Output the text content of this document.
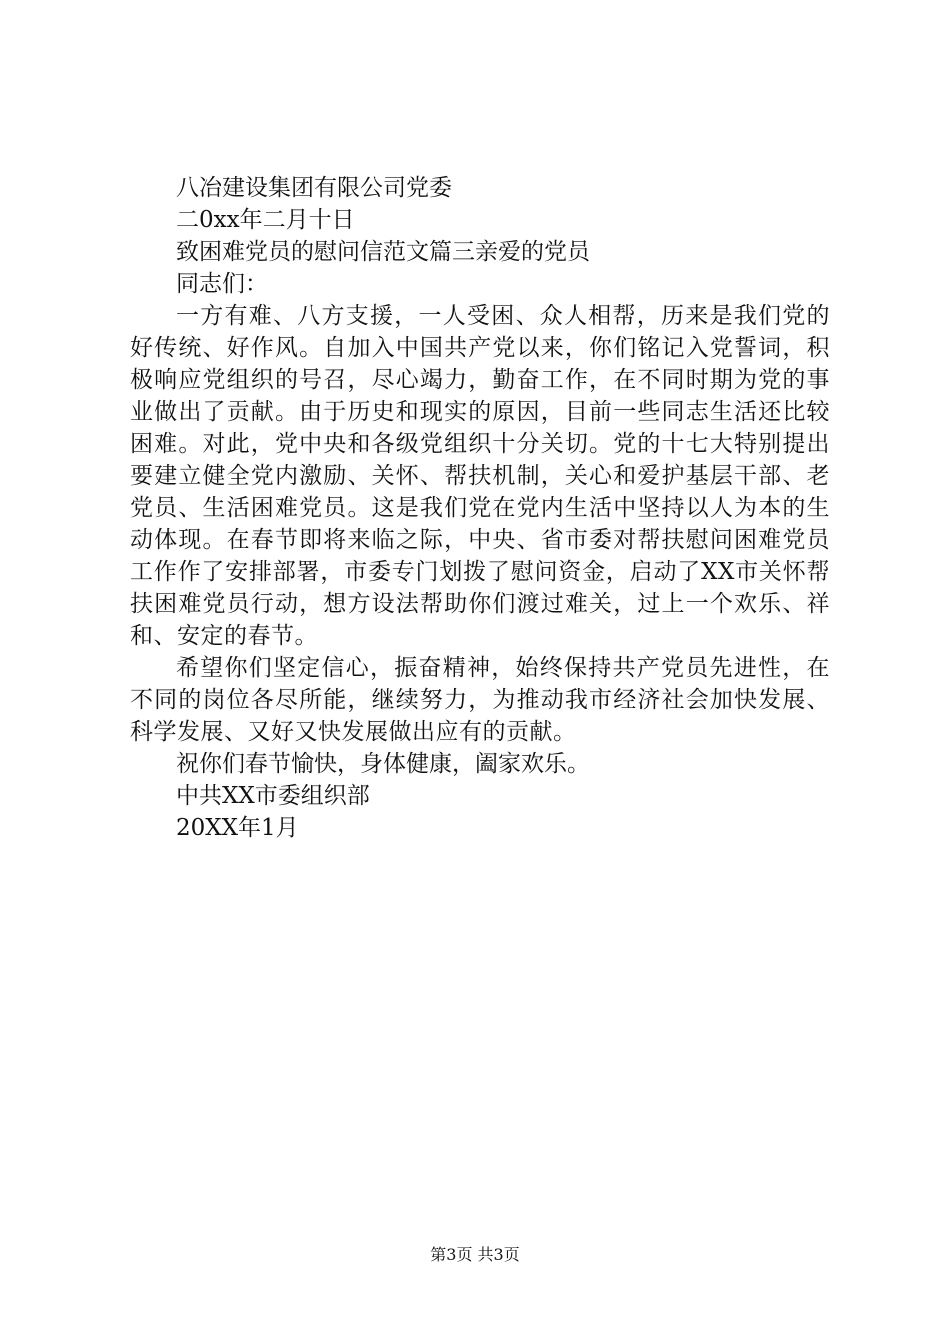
八冶建设集团有限公司党委
二0xx年二月十日
致困难党员的慰问信范文篇三亲爱的党员
同志们：
一方有难、八方支援，一人受困、众人相帮，历来是我们党的好传统、好作风。自加入中国共产党以来，你们铭记入党誓词，积极响应党组织的号召，尽心竭力，勤奋工作，在不同时期为党的事业做出了贡献。由于历史和现实的原因，目前一些同志生活还比较困难。对此，党中央和各级党组织十分关切。党的十七大特别提出要建立健全党内激励、关怀、帮扶机制，关心和爱护基层干部、老党员、生活困难党员。这是我们党在党内生活中坚持以人为本的生动体现。在春节即将来临之际，中央、省市委对帮扶慰问困难党员工作作了安排部署，市委专门划拨了慰问资金，启动了XX市关怀帮扶困难党员行动，想方设法帮助你们渡过难关，过上一个欢乐、祥和、安定的春节。
希望你们坚定信心，振奋精神，始终保持共产党员先进性，在不同的岗位各尽所能，继续努力，为推动我市经济社会加快发展、科学发展、又好又快发展做出应有的贡献。
祝你们春节愉快，身体健康，阖家欢乐。
中共XX市委组织部
20XX年1月
第3页 共3页
